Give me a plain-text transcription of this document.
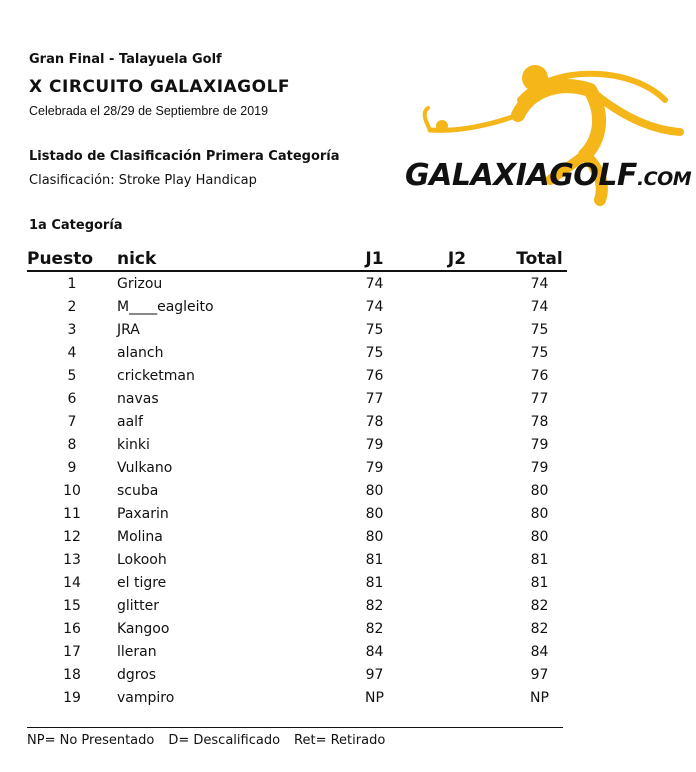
Gran Final - Talayuela Golf
X CIRCUITO GALAXIAGOLF
Celebrada el 28/29 de Septiembre de 2019
Listado de Clasificación Primera Categoría
Clasificación: Stroke Play Handicap
1a Categoría
GALAXIAGOLF.COM
Puesto	nick	J1	J2	Total
1	Grizou	74		74
2	M____eagleito	74		74
3	JRA	75		75
4	alanch	75		75
5	cricketman	76		76
6	navas	77		77
7	aalf	78		78
8	kinki	79		79
9	Vulkano	79		79
10	scuba	80		80
11	Paxarin	80		80
12	Molina	80		80
13	Lokooh	81		81
14	el tigre	81		81
15	glitter	82		82
16	Kangoo	82		82
17	lleran	84		84
18	dgros	97		97
19	vampiro	NP		NP
NP= No Presentado D= Descalificado Ret= Retirado
